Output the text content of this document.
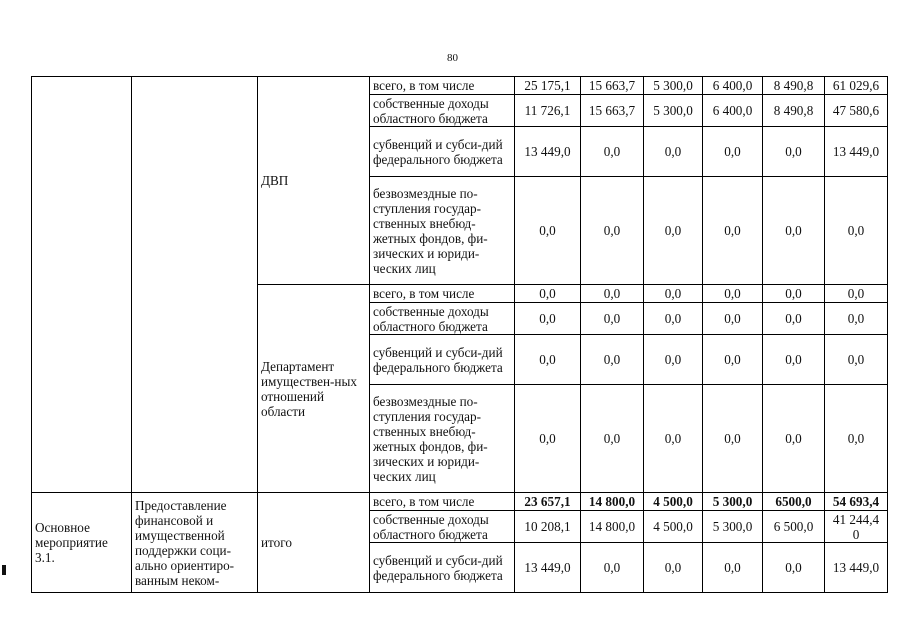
80
		ДВП	всего, в том числе	25 175,1	15 663,7	5 300,0	6 400,0	8 490,8	61 029,6
			собственные доходы областного бюджета	11 726,1	15 663,7	5 300,0	6 400,0	8 490,8	47 580,6
			субвенций и субси-дий федерального бюджета	13 449,0	0,0	0,0	0,0	0,0	13 449,0
			безвозмездные по-ступления государ-ственных внебюд-жетных фондов, фи-зических и юриди-ческих лиц	0,0	0,0	0,0	0,0	0,0	0,0
		Департамент имуществен-ных отношений области	всего, в том числе	0,0	0,0	0,0	0,0	0,0	0,0
			собственные доходы областного бюджета	0,0	0,0	0,0	0,0	0,0	0,0
			субвенций и субси-дий федерального бюджета	0,0	0,0	0,0	0,0	0,0	0,0
			безвозмездные по-ступления государ-ственных внебюд-жетных фондов, фи-зических и юриди-ческих лиц	0,0	0,0	0,0	0,0	0,0	0,0
Основное мероприятие 3.1.	Предоставление финансовой и имущественной поддержки соци-ально ориентиро-ванным неком-	итого	всего, в том числе	23 657,1	14 800,0	4 500,0	5 300,0	6500,0	54 693,4
			собственные доходы областного бюджета	10 208,1	14 800,0	4 500,0	5 300,0	6 500,0	41 244,4 0
			субвенций и субси-дий федерального бюджета	13 449,0	0,0	0,0	0,0	0,0	13 449,0
